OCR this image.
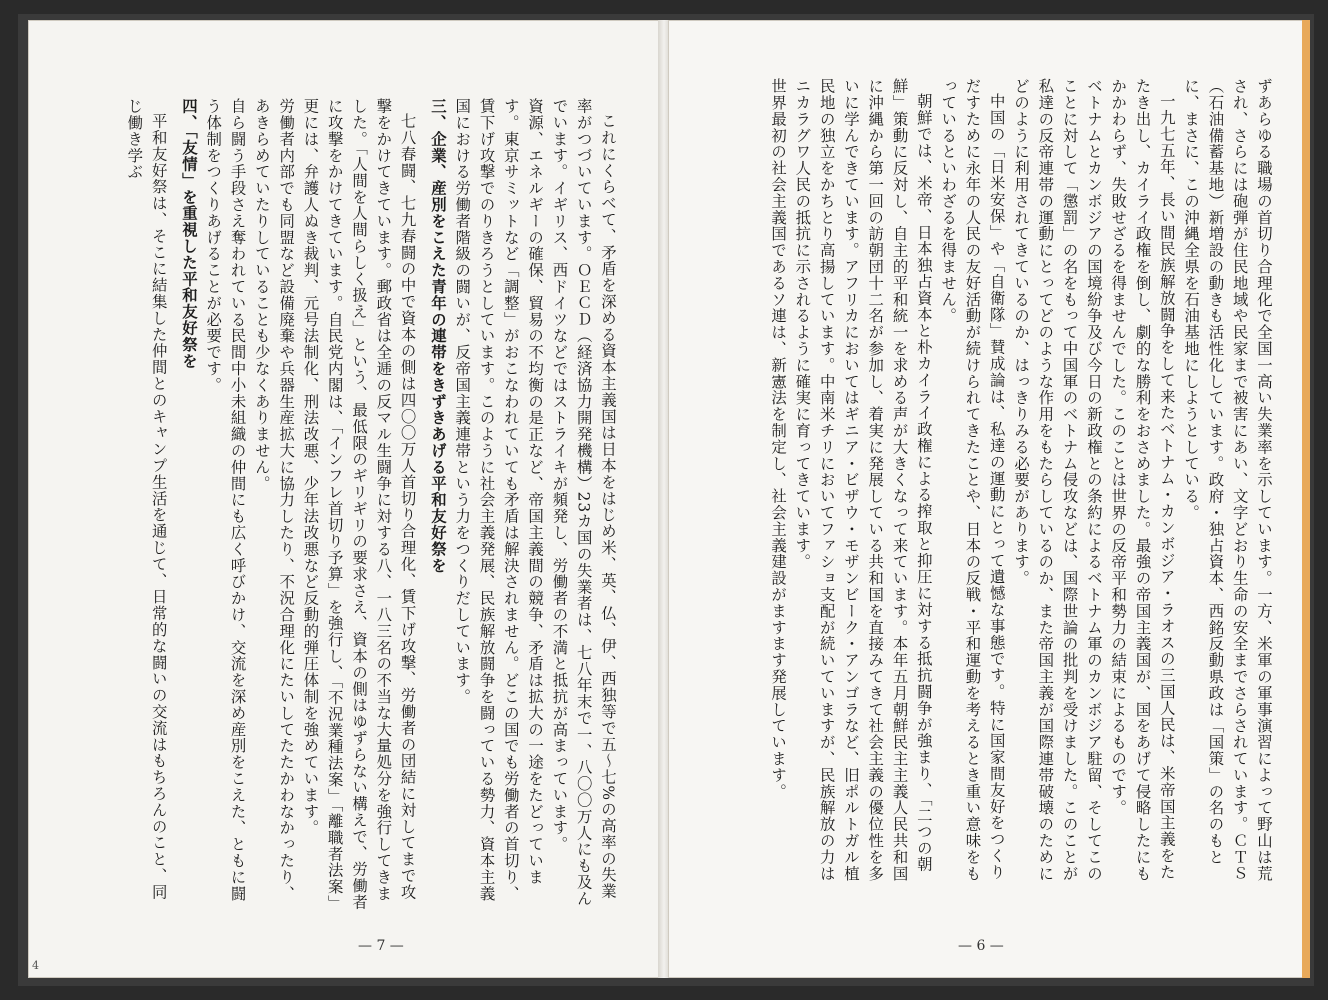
これにくらべて、矛盾を深める資本主義国は日本をはじめ米、英、仏、伊、西独等で五〜七%の高率の失業率がつづいています。ＯＥＣＤ（経済協力開発機構）23カ国の失業者は、七八年末で一、八〇〇万人にも及んでいます。イギリス、西ドイツなどではストライキが頻発し、労働者の不満と抵抗が高まっています。

資源、エネルギーの確保、貿易の不均衡の是正など、帝国主義間の競争、矛盾は拡大の一途をたどっています。東京サミットなど「調整」がおこなわれていても矛盾は解決されません。どこの国でも労働者の首切り、賃下げ攻撃でのりきろうとしています。このように社会主義発展、民族解放闘争を闘っている勢力、資本主義国における労働者階級の闘いが、反帝国主義連帯という力をつくりだしています。

三、企業、産別をこえた青年の連帯をきずきあげる平和友好祭を

七八春闘、七九春闘の中で資本の側は四〇〇万人首切り合理化、賃下げ攻撃、労働者の団結に対してまで攻撃をかけてきています。郵政省は全逓の反マル生闘争に対する八、一八三名の不当な大量処分を強行してきました。「人間を人間らしく扱え」という、最低限のギリギリの要求さえ、資本の側はゆずらない構えで、労働者に攻撃をかけてきています。自民党内閣は、「インフレ首切り予算」を強行し、「不況業種法案」「離職者法案」更には、弁護人ぬき裁判、元号法制化、刑法改悪、少年法改悪など反動的弾圧体制を強めています。

労働者内部でも同盟など設備廃棄や兵器生産拡大に協力したり、不況合理化にたいしてたたかわなかったり、あきらめていたりしていることも少なくありません。

自ら闘う手段さえ奪われている民間中小未組織の仲間にも広く呼びかけ、交流を深め産別をこえた、ともに闘う体制をつくりあげることが必要です。

四、「友情」を重視した平和友好祭を

平和友好祭は、そこに結集した仲間とのキャンプ生活を通じて、日常的な闘いの交流はもちろんのこと、同じ働き学ぶ

— 7 —
4

ずあらゆる職場の首切り合理化で全国一高い失業率を示しています。一方、米軍の軍事演習によって野山は荒され、さらには砲弾が住民地域や民家まで被害にあい、文字どおり生命の安全までさらされています。ＣＴＳ（石油備蓄基地）新増設の動きも活性化しています。政府・独占資本、西銘反動県政は「国策」の名のもとに、まさに、この沖縄全県を石油基地にしようとしている。

一九七五年、長い間民族解放闘争をして来たベトナム・カンボジア・ラオスの三国人民は、米帝国主義をたたき出し、カイライ政権を倒し、劇的な勝利をおさめました。最強の帝国主義国が、国をあげて侵略したにもかかわらず、失敗せざるを得ませんでした。このことは世界の反帝平和勢力の結束によるものです。

ベトナムとカンボジアの国境紛争及び今日の新政権との条約によるベトナム軍のカンボジア駐留、そしてこのことに対して「懲罰」の名をもって中国軍のベトナム侵攻などは、国際世論の批判を受けました。このことが私達の反帝連帯の運動にとってどのような作用をもたらしているのか、また帝国主義が国際連帯破壊のためにどのように利用されてきているのか、はっきりみる必要があります。

中国の「日米安保」や「自衛隊」賛成論は、私達の運動にとって遺憾な事態です。特に国家間友好をつくりだすために永年の人民の友好活動が続けられてきたことや、日本の反戦・平和運動を考えるとき重い意味をもっているといわざるを得ません。

朝鮮では、米帝、日本独占資本と朴カイライ政権による搾取と抑圧に対する抵抗闘争が強まり、「二つの朝鮮」策動に反対し、自主的平和統一を求める声が大きくなって来ています。本年五月朝鮮民主主義人民共和国に沖縄から第一回の訪朝団十二名が参加し、着実に発展している共和国を直接みてきて社会主義の優位性を多いに学んできています。アフリカにおいてはギニア・ビザウ・モザンビーク・アンゴラなど、旧ポルトガル植民地の独立をかちとり高揚しています。中南米チリにおいてファショ支配が続いていますが、民族解放の力はニカラグワ人民の抵抗に示されるように確実に育ってきています。

世界最初の社会主義国であるソ連は、新憲法を制定し、社会主義建設がますます発展しています。

— 6 —
